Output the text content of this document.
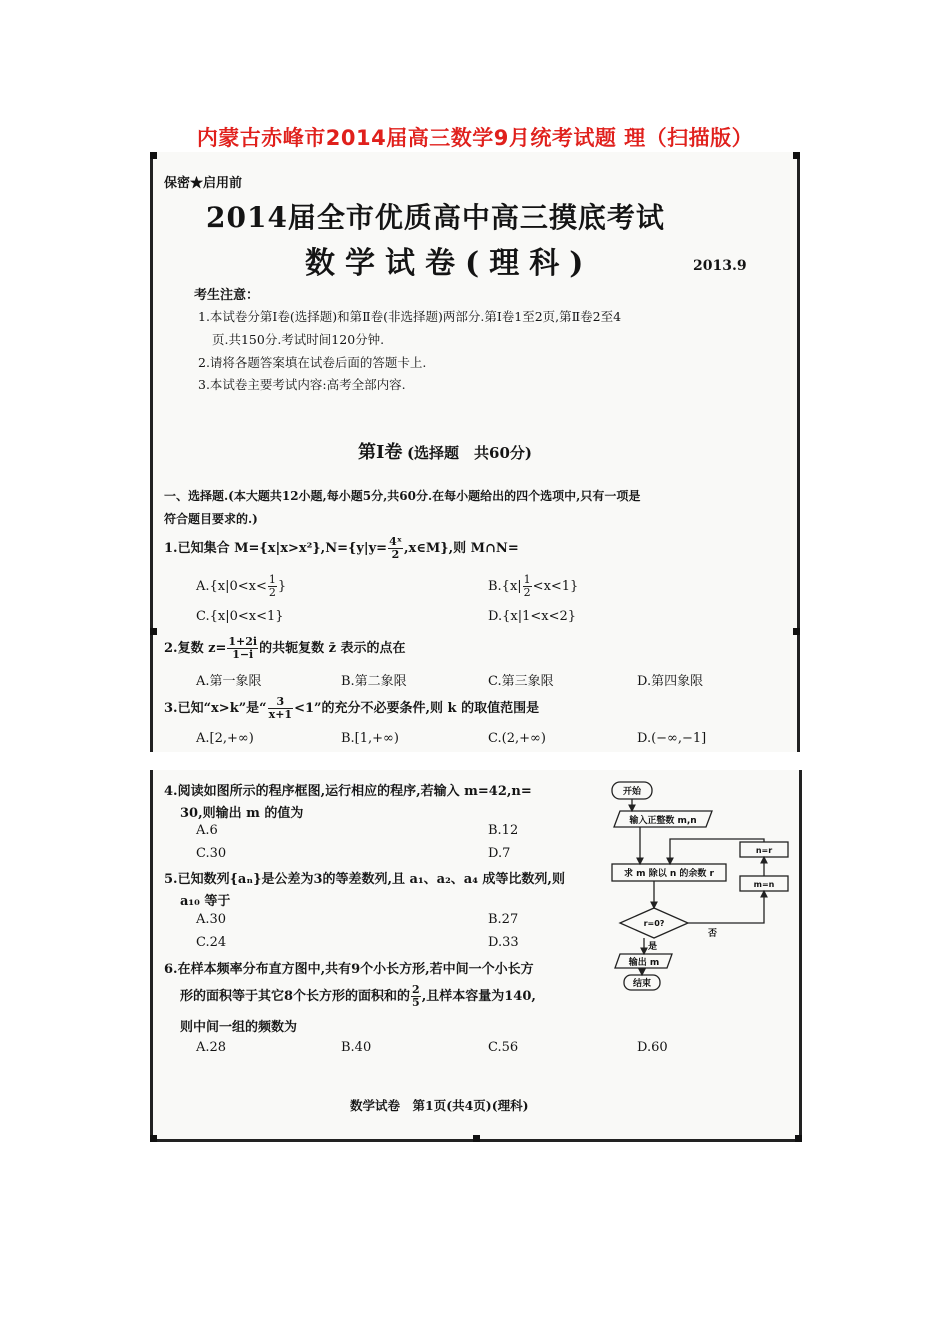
内蒙古赤峰市2014届高三数学9月统考试题 理（扫描版）
保密★启用前
2014届全市优质高中高三摸底考试
数学试卷(理科)	2013.9
考生注意：
1.本试卷分第Ⅰ卷(选择题)和第Ⅱ卷(非选择题)两部分.第Ⅰ卷1至2页,第Ⅱ卷2至4
页.共150分.考试时间120分钟.
2.请将各题答案填在试卷后面的答题卡上.
3.本试卷主要考试内容:高考全部内容.
第Ⅰ卷 (选择题　共60分)
一、选择题.(本大题共12小题,每小题5分,共60分.在每小题给出的四个选项中,只有一项是
符合题目要求的.)
1.已知集合 $M=\{x|x>x^2\},N=\{y|y= \frac{\text{4ˣ}}{2}$ ,x∈M},则 M∩N=
$A.\{x|0<x< \frac{1}{2}$ }	$B.\{x| \frac{1}{2} <x<1\}$
C.{x|0<x<1}	D.{x|1<x<2}
2.复数 $z= \frac{1+2i}{1-i}$ 的共轭复数 z̄ 表示的点在
A.第一象限	B.第二象限	C.第三象限	D.第四象限
3.已知“x>k”是“ $\frac{3}{x+1} <1$”的充分不必要条件,则 k 的取值范围是
A.[2,+∞)	B.[1,+∞)	C.(2,+∞)	D.(−∞,−1]
4.阅读如图所示的程序框图,运行相应的程序,若输入 m=42,n=
30,则输出 m 的值为
A.6	B.12
C.30	D.7
5.已知数列{aₙ}是公差为3的等差数列,且 a₁、a₂、a₄ 成等比数列,则
a₁₀ 等于
A.30	B.27
C.24	D.33
6.在样本频率分布直方图中,共有9个小长方形,若中间一个小长方
形的面积等于其它8个长方形的面积和的 $\frac{2}{5}$ ,且样本容量为140,
则中间一组的频数为
A.28	B.40	C.56	D.60
开始
输入正整数 m,n
求 m 除以 n 的余数 r
n=r
m=n
r=0?
是
否
输出 m
结束
数学试卷　第1页(共4页)(理科)
